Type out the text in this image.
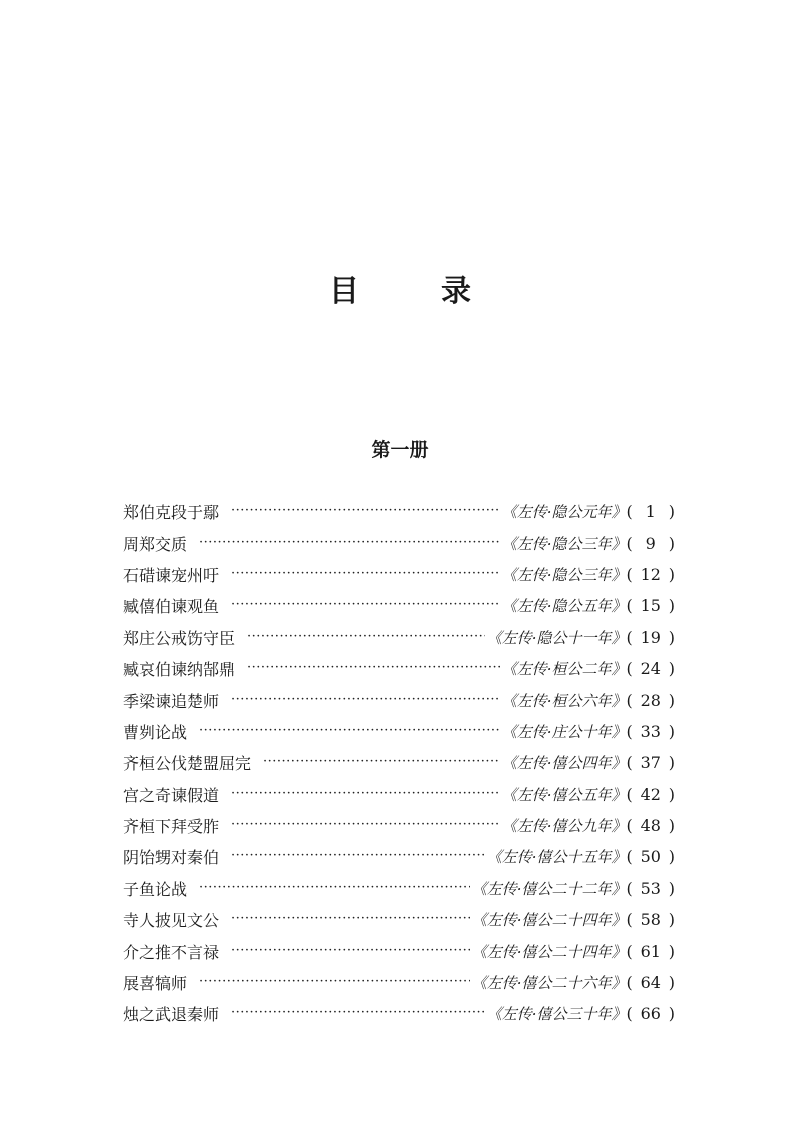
目　录
第一册
郑伯克段于鄢 ·····	《左传·隐公元年》 ( 1 )
周郑交质 ·····	《左传·隐公三年》 ( 9 )
石碏谏宠州吁 ·····	《左传·隐公三年》 ( 12 )
臧僖伯谏观鱼 ·····	《左传·隐公五年》 ( 15 )
郑庄公戒饬守臣 ·····	《左传·隐公十一年》 ( 19 )
臧哀伯谏纳郜鼎 ·····	《左传·桓公二年》 ( 24 )
季梁谏追楚师 ·····	《左传·桓公六年》 ( 28 )
曹刿论战 ·····	《左传·庄公十年》 ( 33 )
齐桓公伐楚盟屈完 ·····	《左传·僖公四年》 ( 37 )
宫之奇谏假道 ·····	《左传·僖公五年》 ( 42 )
齐桓下拜受胙 ·····	《左传·僖公九年》 ( 48 )
阴饴甥对秦伯 ·····	《左传·僖公十五年》 ( 50 )
子鱼论战 ·····	《左传·僖公二十二年》 ( 53 )
寺人披见文公 ·····	《左传·僖公二十四年》 ( 58 )
介之推不言禄 ·····	《左传·僖公二十四年》 ( 61 )
展喜犒师 ·····	《左传·僖公二十六年》 ( 64 )
烛之武退秦师 ·····	《左传·僖公三十年》 ( 66 )
